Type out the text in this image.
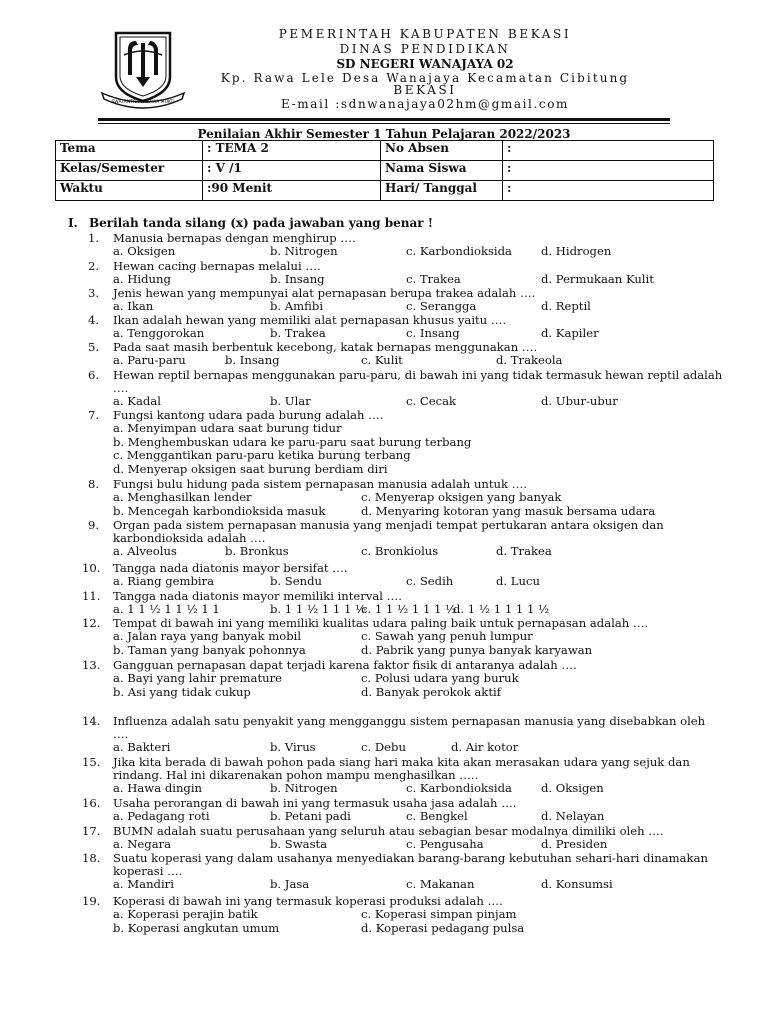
SWATANTRA WIBAWA MUKTI
PEMERINTAH KABUPATEN BEKASI
DINAS PENDIDIKAN
SD NEGERI WANAJAYA 02
Kp. Rawa Lele Desa Wanajaya Kecamatan Cibitung
BEKASI
E-mail :sdnwanajaya02hm@gmail.com
Penilaian Akhir Semester 1 Tahun Pelajaran 2022/2023
Tema	: TEMA 2	No Absen	:
Kelas/Semester	: V /1	Nama Siswa	:
Waktu	:90 Menit	Hari/ Tanggal	:
I. Berilah tanda silang (x) pada jawaban yang benar !
1. Manusia bernapas dengan menghirup ….
a. Oksigen	b. Nitrogen	c. Karbondioksida	d. Hidrogen
2. Hewan cacing bernapas melalui ….
a. Hidung	b. Insang	c. Trakea	d. Permukaan Kulit
3. Jenis hewan yang mempunyai alat pernapasan berupa trakea adalah ….
a. Ikan	b. Amfibi	c. Serangga	d. Reptil
4. Ikan adalah hewan yang memiliki alat pernapasan khusus yaitu ….
a. Tenggorokan	b. Trakea	c. Insang	d. Kapiler
5. Pada saat masih berbentuk kecebong, katak bernapas menggunakan ….
a. Paru-paru	b. Insang	c. Kulit	d. Trakeola
6. Hewan reptil bernapas menggunakan paru-paru, di bawah ini yang tidak termasuk hewan reptil adalah
….
a. Kadal	b. Ular	c. Cecak	d. Ubur-ubur
7. Fungsi kantong udara pada burung adalah ….
a. Menyimpan udara saat burung tidur
b. Menghembuskan udara ke paru-paru saat burung terbang
c. Menggantikan paru-paru ketika burung terbang
d. Menyerap oksigen saat burung berdiam diri
8. Fungsi bulu hidung pada sistem pernapasan manusia adalah untuk ….
a. Menghasilkan lender	c. Menyerap oksigen yang banyak
b. Mencegah karbondioksida masuk	d. Menyaring kotoran yang masuk bersama udara
9. Organ pada sistem pernapasan manusia yang menjadi tempat pertukaran antara oksigen dan
karbondioksida adalah ….
a. Alveolus	b. Bronkus	c. Bronkiolus	d. Trakea
10. Tangga nada diatonis mayor bersifat ….
a. Riang gembira	b. Sendu	c. Sedih	d. Lucu
11. Tangga nada diatonis mayor memiliki interval ….
a. 1 1 ½ 1 1 ½ 1 1	b. 1 1 ½ 1 1 1 ½
c. 1 1 ½ 1 1 1 ½
d. 1 ½ 1 1 1 1 ½
12. Tempat di bawah ini yang memiliki kualitas udara paling baik untuk pernapasan adalah ….
a. Jalan raya yang banyak mobil	c. Sawah yang penuh lumpur
b. Taman yang banyak pohonnya	d. Pabrik yang punya banyak karyawan
13. Gangguan pernapasan dapat terjadi karena faktor fisik di antaranya adalah ….
a. Bayi yang lahir premature	c. Polusi udara yang buruk
b. Asi yang tidak cukup	d. Banyak perokok aktif
14. Influenza adalah satu penyakit yang mengganggu sistem pernapasan manusia yang disebabkan oleh
….
a. Bakteri	b. Virus	c. Debu	d. Air kotor
15. Jika kita berada di bawah pohon pada siang hari maka kita akan merasakan udara yang sejuk dan
rindang. Hal ini dikarenakan pohon mampu menghasilkan …..
a. Hawa dingin	b. Nitrogen	c. Karbondioksida	d. Oksigen
16. Usaha perorangan di bawah ini yang termasuk usaha jasa adalah ….
a. Pedagang roti	b. Petani padi	c. Bengkel	d. Nelayan
17. BUMN adalah suatu perusahaan yang seluruh atau sebagian besar modalnya dimiliki oleh ….
a. Negara	b. Swasta	c. Pengusaha	d. Presiden
18. Suatu koperasi yang dalam usahanya menyediakan barang-barang kebutuhan sehari-hari dinamakan
koperasi ….
a. Mandiri	b. Jasa	c. Makanan	d. Konsumsi
19. Koperasi di bawah ini yang termasuk koperasi produksi adalah ….
a. Koperasi perajin batik	c. Koperasi simpan pinjam
b. Koperasi angkutan umum	d. Koperasi pedagang pulsa
